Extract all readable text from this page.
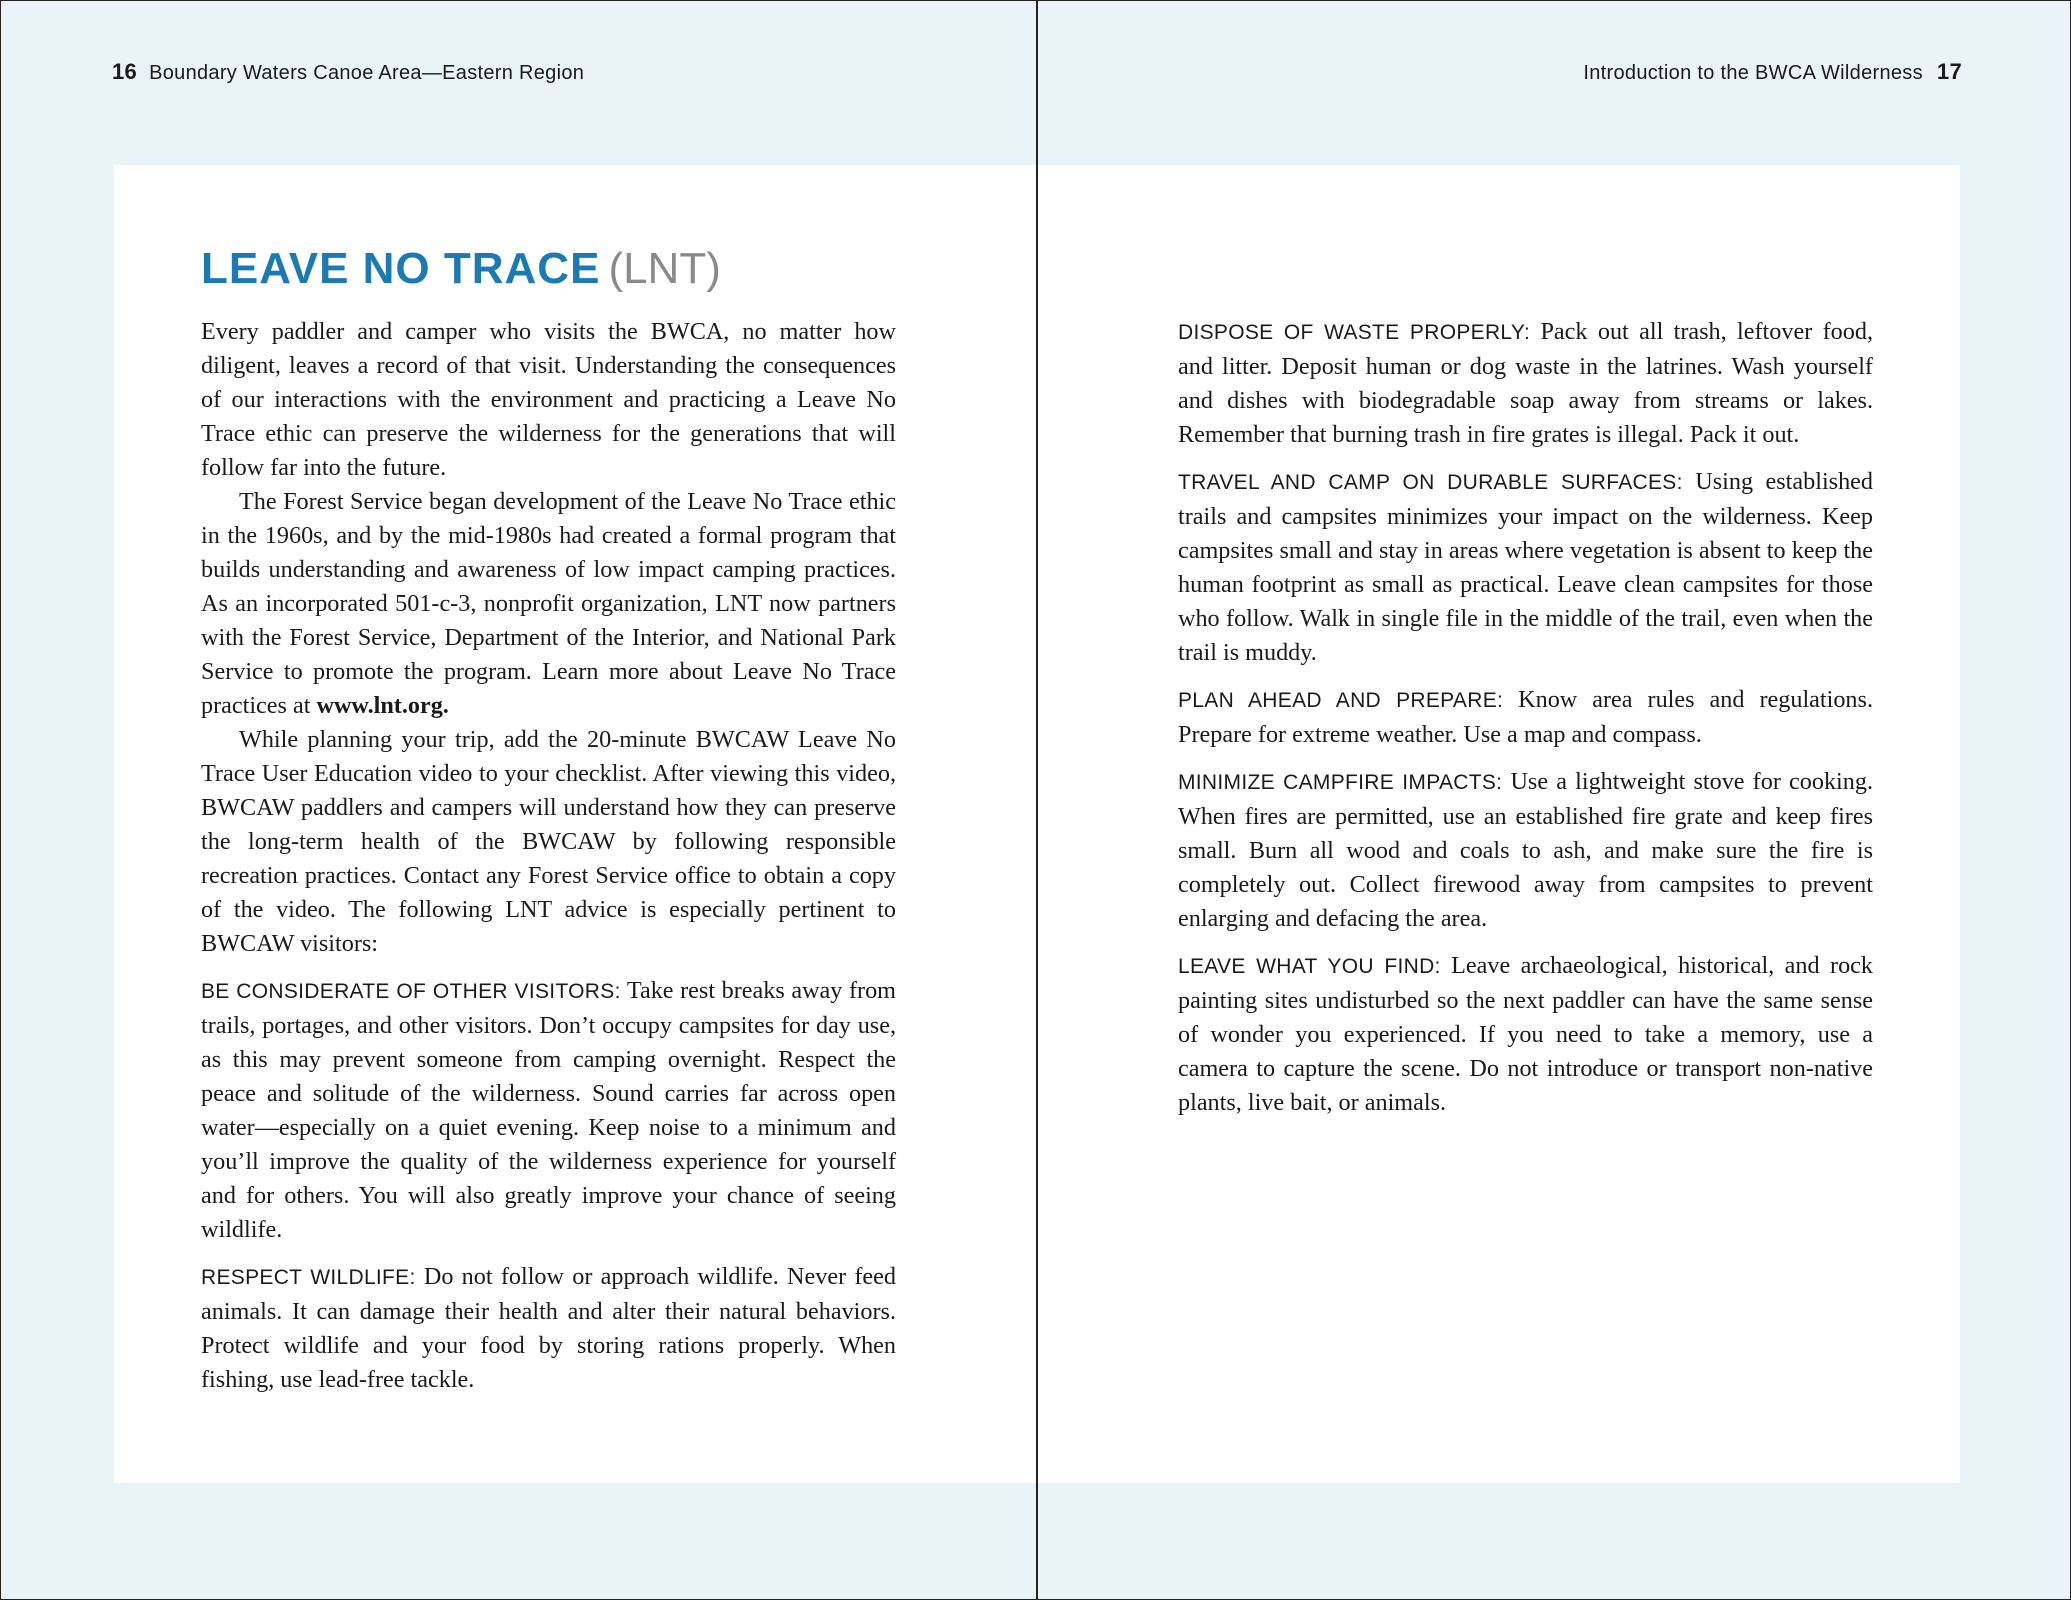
16 Boundary Waters Canoe Area—Eastern Region
LEAVE NO TRACE (LNT)

Every paddler and camper who visits the BWCA, no matter how diligent, leaves a record of that visit. Understanding the consequences of our interactions with the environment and practicing a Leave No Trace ethic can preserve the wilderness for the generations that will follow far into the future.

The Forest Service began development of the Leave No Trace ethic in the 1960s, and by the mid-1980s had created a formal program that builds understanding and awareness of low impact camping practices. As an incorporated 501-c-3, nonprofit organization, LNT now partners with the Forest Service, Department of the Interior, and National Park Service to promote the program. Learn more about Leave No Trace practices at www.lnt.org.

While planning your trip, add the 20-minute BWCAW Leave No Trace User Education video to your checklist. After viewing this video, BWCAW paddlers and campers will understand how they can preserve the long-term health of the BWCAW by following responsible recreation practices. Contact any Forest Service office to obtain a copy of the video. The following LNT advice is especially pertinent to BWCAW visitors:

BE CONSIDERATE OF OTHER VISITORS: Take rest breaks away from trails, portages, and other visitors. Don’t occupy campsites for day use, as this may prevent someone from camping overnight. Respect the peace and solitude of the wilderness. Sound carries far across open water—especially on a quiet evening. Keep noise to a minimum and you’ll improve the quality of the wilderness experience for yourself and for others. You will also greatly improve your chance of seeing wildlife.

RESPECT WILDLIFE: Do not follow or approach wildlife. Never feed animals. It can damage their health and alter their natural behaviors. Protect wildlife and your food by storing rations properly. When fishing, use lead-free tackle.

Introduction to the BWCA Wilderness 17

DISPOSE OF WASTE PROPERLY: Pack out all trash, leftover food, and litter. Deposit human or dog waste in the latrines. Wash yourself and dishes with biodegradable soap away from streams or lakes. Remember that burning trash in fire grates is illegal. Pack it out.

TRAVEL AND CAMP ON DURABLE SURFACES: Using established trails and campsites minimizes your impact on the wilderness. Keep campsites small and stay in areas where vegetation is absent to keep the human footprint as small as practical. Leave clean campsites for those who follow. Walk in single file in the middle of the trail, even when the trail is muddy.

PLAN AHEAD AND PREPARE: Know area rules and regulations. Prepare for extreme weather. Use a map and compass.

MINIMIZE CAMPFIRE IMPACTS: Use a lightweight stove for cooking. When fires are permitted, use an established fire grate and keep fires small. Burn all wood and coals to ash, and make sure the fire is completely out. Collect firewood away from campsites to prevent enlarging and defacing the area.

LEAVE WHAT YOU FIND: Leave archaeological, historical, and rock painting sites undisturbed so the next paddler can have the same sense of wonder you experienced. If you need to take a memory, use a camera to capture the scene. Do not introduce or transport non-native plants, live bait, or animals.
